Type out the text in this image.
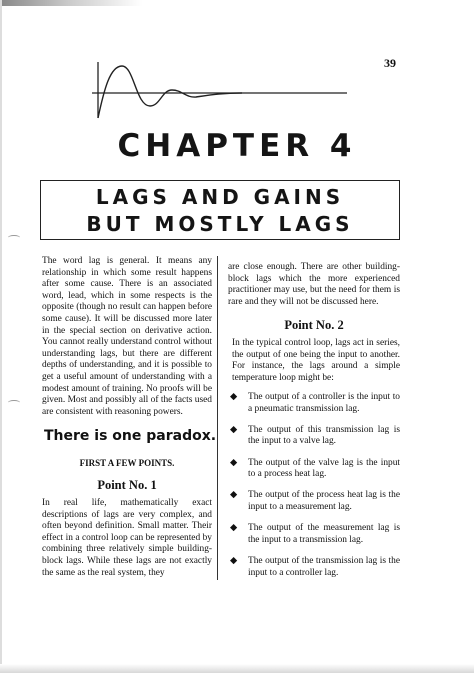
39
CHAPTER 4
LAGS AND GAINS
BUT MOSTLY LAGS

The word lag is general. It means any relationship in which some result happens after some cause. There is an associated word, lead, which in some respects is the opposite (though no result can happen before some cause). It will be discussed more later in the special section on derivative action. You cannot really understand control without understanding lags, but there are different depths of understanding, and it is possible to get a useful amount of understanding with a modest amount of training. No proofs will be given. Most and possibly all of the facts used are consistent with reasoning powers.

There is one paradox.
FIRST A FEW POINTS.
Point No. 1

In real life, mathematically exact descriptions of lags are very complex, and often beyond definition. Small matter. Their effect in a control loop can be represented by combining three relatively simple building-block lags. While these lags are not exactly the same as the real system, they

are close enough. There are other building-block lags which the more experienced practitioner may use, but the need for them is rare and they will not be discussed here.

Point No. 2

In the typical control loop, lags act in series, the output of one being the input to another. For instance, the lags around a simple temperature loop might be:

◆ The output of a controller is the input to a pneumatic transmission lag.
◆ The output of this transmission lag is the input to a valve lag.
◆ The output of the valve lag is the input to a process heat lag.
◆ The output of the process heat lag is the input to a measurement lag.
◆ The output of the measurement lag is the input to a transmission lag.
◆ The output of the transmission lag is the input to a controller lag.
